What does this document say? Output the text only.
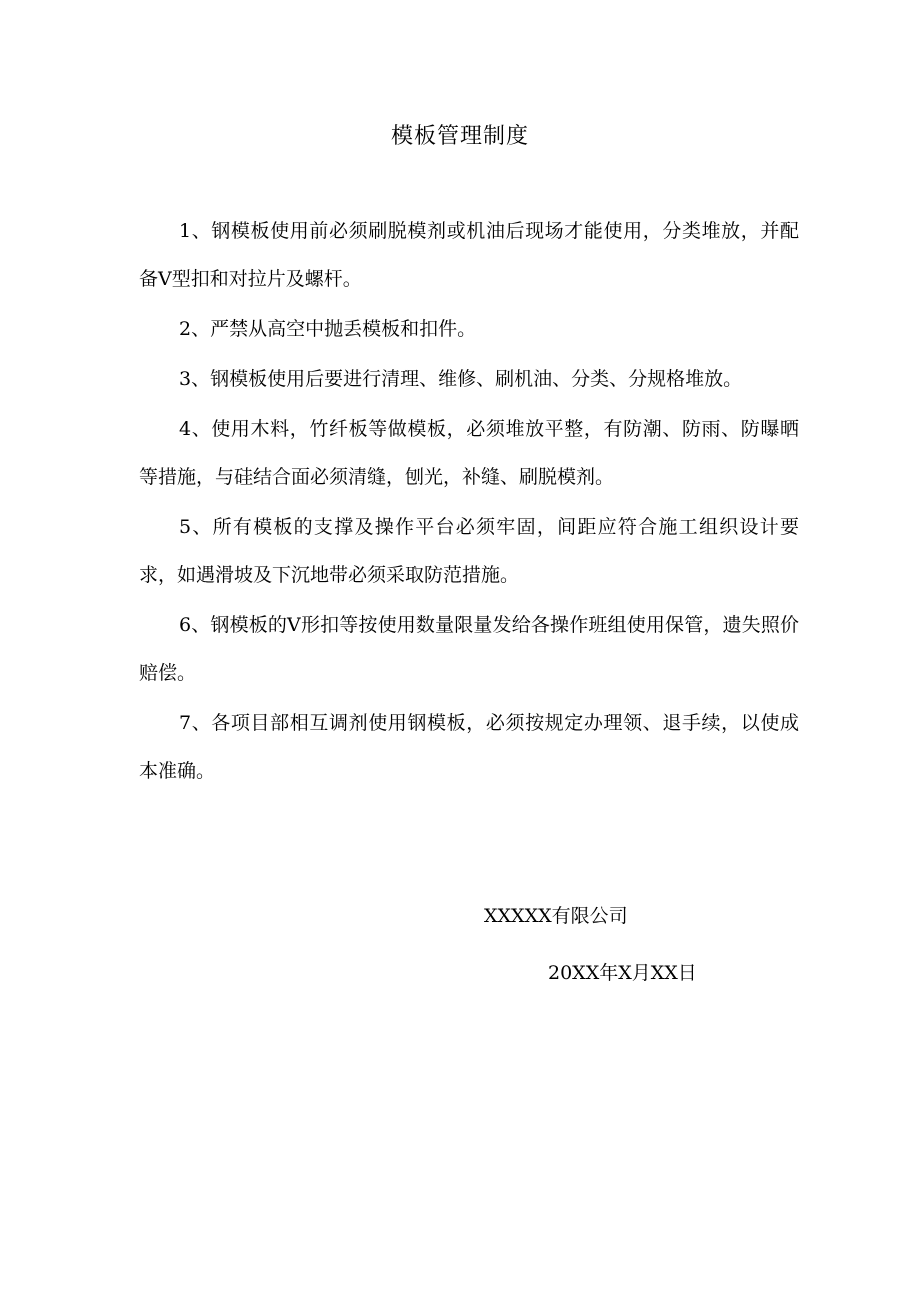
模板管理制度

1、钢模板使用前必须刷脱模剂或机油后现场才能使用，分类堆放，并配备V型扣和对拉片及螺杆。

2、严禁从高空中抛丢模板和扣件。

3、钢模板使用后要进行清理、维修、刷机油、分类、分规格堆放。

4、使用木料，竹纤板等做模板，必须堆放平整，有防潮、防雨、防曝晒等措施，与硅结合面必须清缝，刨光，补缝、刷脱模剂。

5、所有模板的支撑及操作平台必须牢固，间距应符合施工组织设计要求，如遇滑坡及下沉地带必须采取防范措施。

6、钢模板的V形扣等按使用数量限量发给各操作班组使用保管，遗失照价赔偿。

7、各项目部相互调剂使用钢模板，必须按规定办理领、退手续，以使成本准确。

XXXXX有限公司
20XX年X月XX日
